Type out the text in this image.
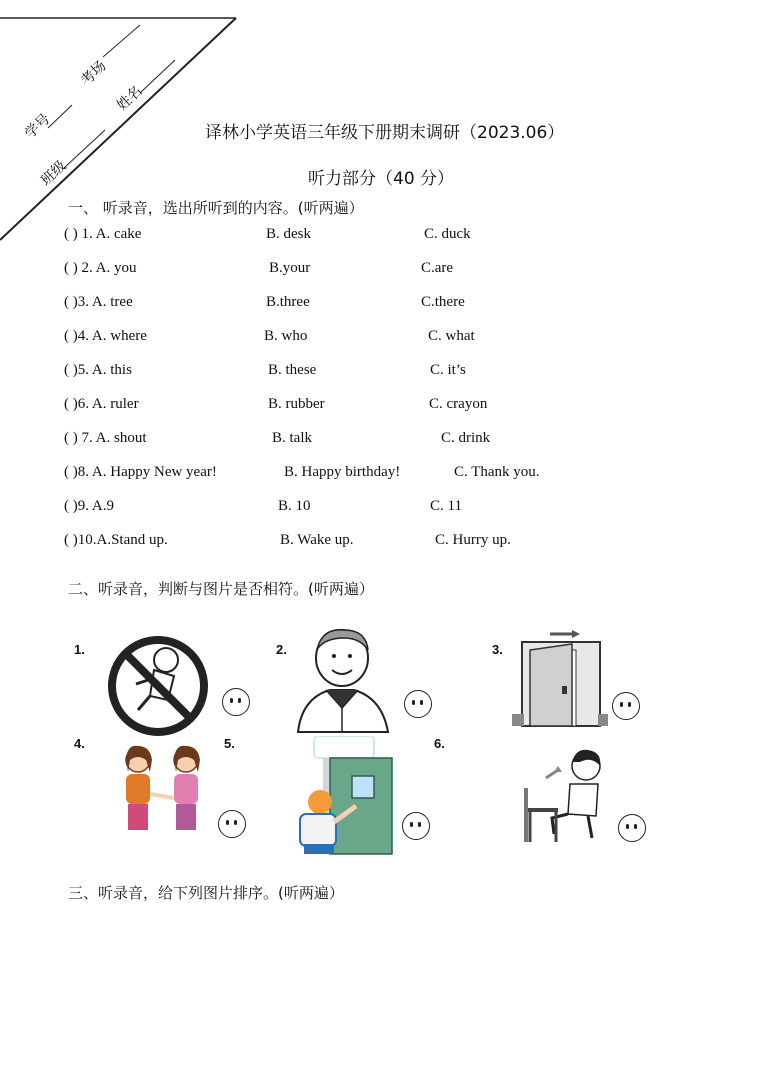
学号
考场
班级
姓名
译林小学英语三年级下册期末调研（2023.06）
听力部分（40 分）
一、 听录音，选出所听到的内容。(听两遍）
( ) 1. A. cake	B. desk	C. duck
( ) 2. A. you	B.your	C.are
( )3. A. tree	B.three	C.there
( )4. A. where	B. who	C. what
( )5. A. this	B. these	C. it’s
( )6. A. ruler	B. rubber	C. crayon
( ) 7. A. shout	B. talk	C. drink
( )8. A. Happy New year!	B. Happy birthday!	C. Thank you.
( )9. A.9	B. 10	C. 11
( )10.A.Stand up.	B. Wake up.	C. Hurry up.
二、听录音，判断与图片是否相符。(听两遍）
1.	2.	3.
4.	5.	6.
三、听录音，给下列图片排序。(听两遍）
